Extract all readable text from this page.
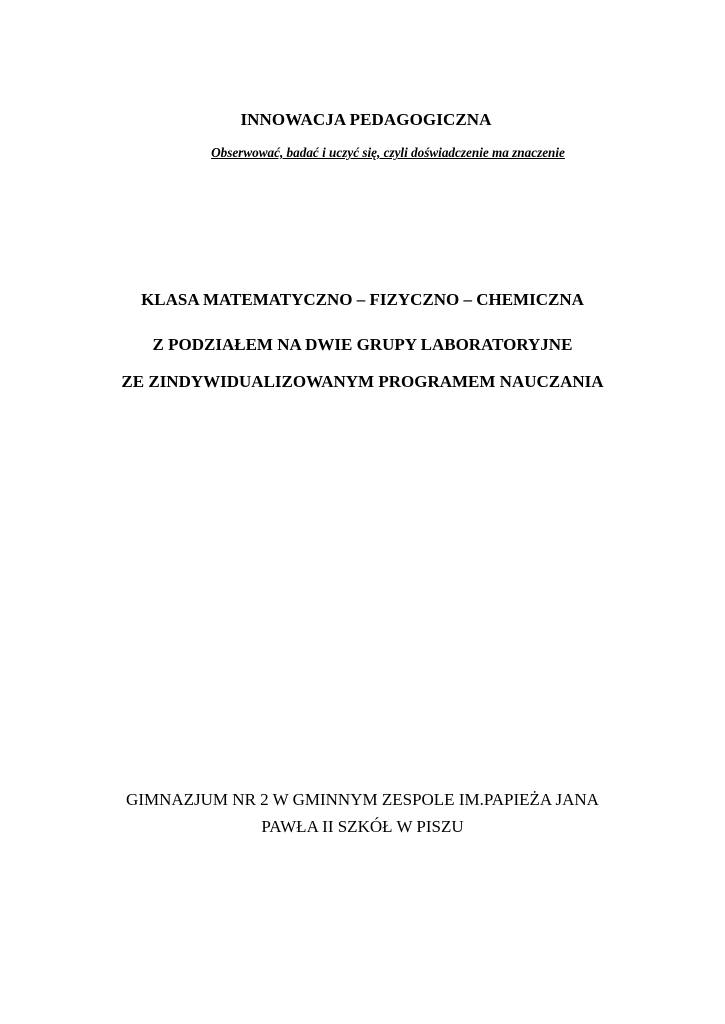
INNOWACJA PEDAGOGICZNA

Obserwować, badać i uczyć się, czyli doświadczenie ma znaczenie

KLASA MATEMATYCZNO – FIZYCZNO – CHEMICZNA

Z PODZIAŁEM NA DWIE GRUPY LABORATORYJNE

ZE ZINDYWIDUALIZOWANYM PROGRAMEM NAUCZANIA

GIMNAZJUM NR 2 W GMINNYM ZESPOLE IM.PAPIEŻA JANA

PAWŁA II SZKÓŁ W PISZU
